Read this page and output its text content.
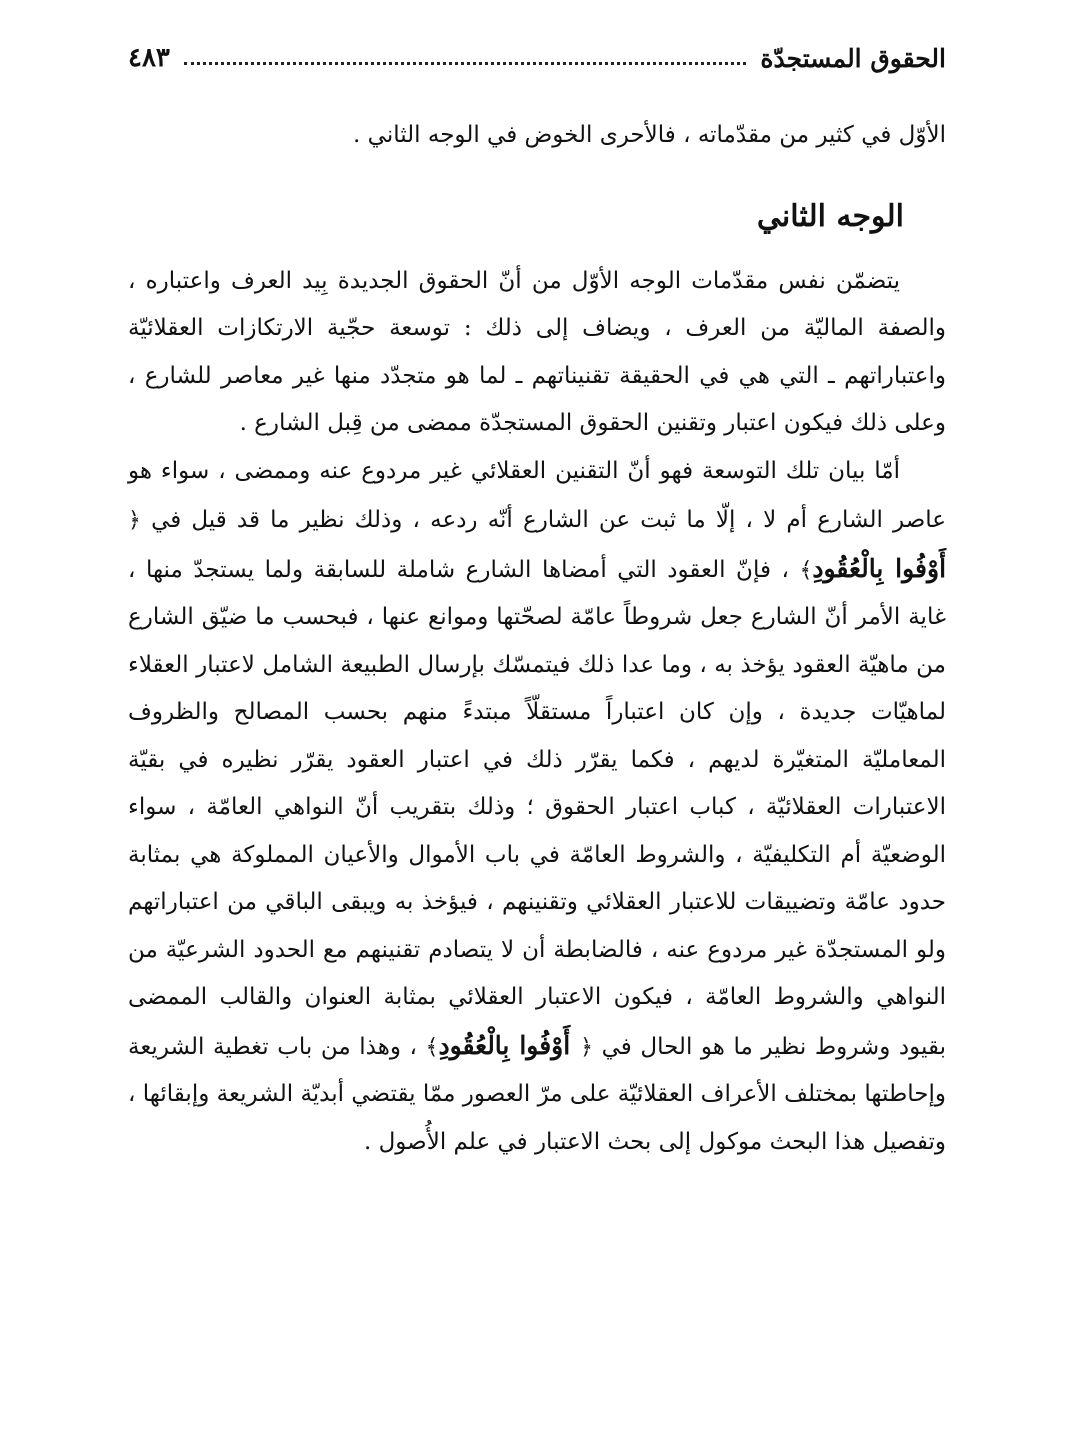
الحقوق المستجدّة
٤٨٣

الأوّل في كثير من مقدّماته ، فالأحرى الخوض في الوجه الثاني .

الوجه الثاني

يتضمّن نفس مقدّمات الوجه الأوّل من أنّ الحقوق الجديدة بِيد العرف واعتباره ، والصفة الماليّة من العرف ، ويضاف إلى ذلك : توسعة حجّية الارتكازات العقلائيّة واعتباراتهم ـ التي هي في الحقيقة تقنيناتهم ـ لما هو متجدّد منها غير معاصر للشارع ، وعلى ذلك فيكون اعتبار وتقنين الحقوق المستجدّة ممضى من قِبل الشارع .

أمّا بيان تلك التوسعة فهو أنّ التقنين العقلائي غير مردوع عنه وممضى ، سواء هو عاصر الشارع أم لا ، إلّا ما ثبت عن الشارع أنّه ردعه ، وذلك نظير ما قد قيل في ﴿ أَوْفُوا بِالْعُقُودِ﴾ ، فإنّ العقود التي أمضاها الشارع شاملة للسابقة ولما يستجدّ منها ، غاية الأمر أنّ الشارع جعل شروطاً عامّة لصحّتها وموانع عنها ، فبحسب ما ضيّق الشارع من ماهيّة العقود يؤخذ به ، وما عدا ذلك فيتمسّك بإرسال الطبيعة الشامل لاعتبار العقلاء لماهيّات جديدة ، وإن كان اعتباراً مستقلّاً مبتدءً منهم بحسب المصالح والظروف المعامليّة المتغيّرة لديهم ، فكما يقرّر ذلك في اعتبار العقود يقرّر نظيره في بقيّة الاعتبارات العقلائيّة ، كباب اعتبار الحقوق ؛ وذلك بتقريب أنّ النواهي العامّة ، سواء الوضعيّة أم التكليفيّة ، والشروط العامّة في باب الأموال والأعيان المملوكة هي بمثابة حدود عامّة وتضييقات للاعتبار العقلائي وتقنينهم ، فيؤخذ به ويبقى الباقي من اعتباراتهم ولو المستجدّة غير مردوع عنه ، فالضابطة أن لا يتصادم تقنينهم مع الحدود الشرعيّة من النواهي والشروط العامّة ، فيكون الاعتبار العقلائي بمثابة العنوان والقالب الممضى بقيود وشروط نظير ما هو الحال في ﴿ أَوْفُوا بِالْعُقُودِ﴾ ، وهذا من باب تغطية الشريعة وإحاطتها بمختلف الأعراف العقلائيّة على مرّ العصور ممّا يقتضي أبديّة الشريعة وإبقائها ، وتفصيل هذا البحث موكول إلى بحث الاعتبار في علم الأُصول .
